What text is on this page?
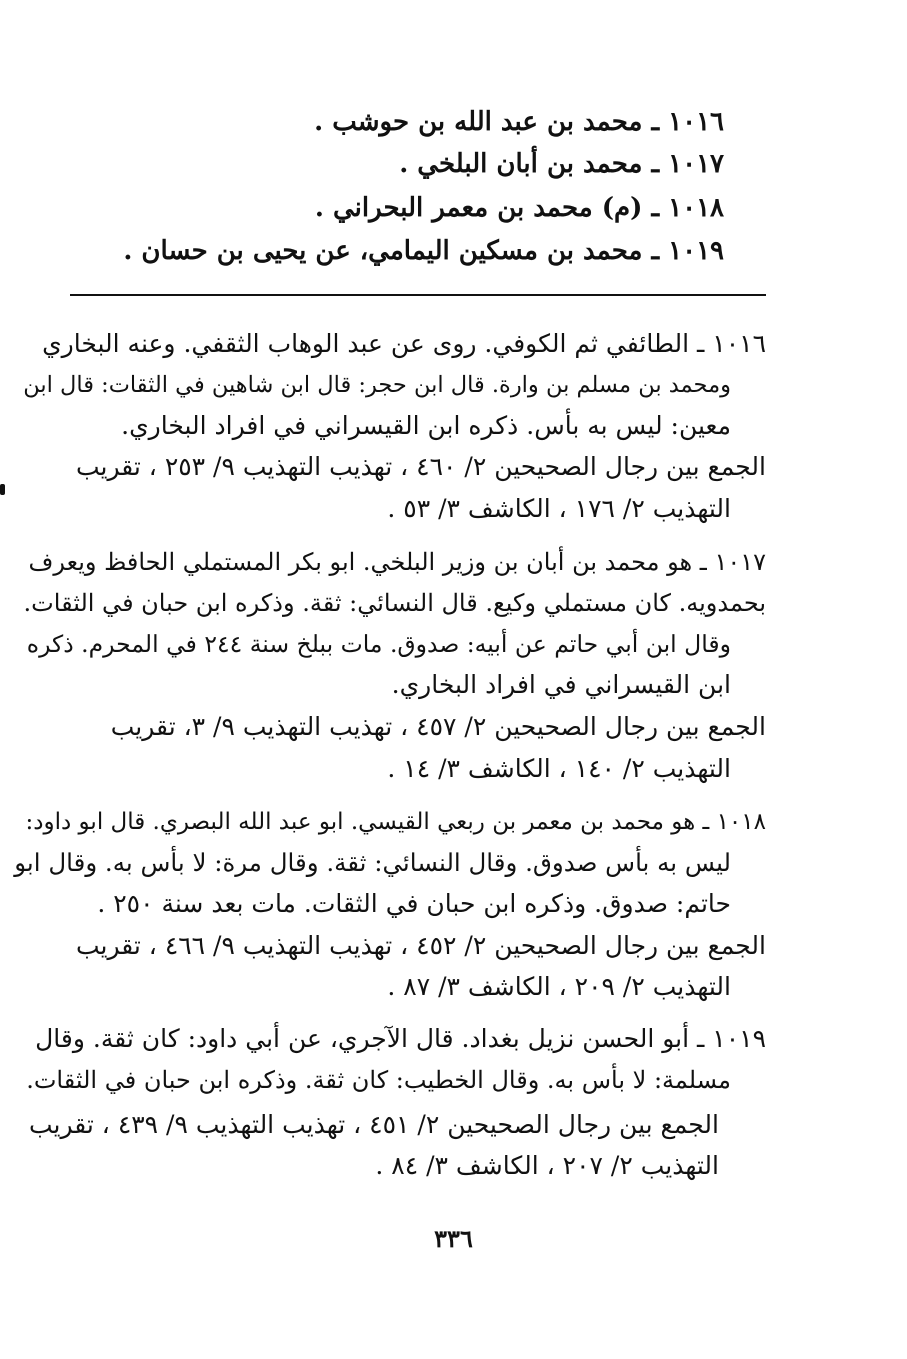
١٠١٦ ـ محمد بن عبد الله بن حوشب .
١٠١٧ ـ محمد بن أبان البلخي .
١٠١٨ ـ (م) محمد بن معمر البحراني .
١٠١٩ ـ محمد بن مسكين اليمامي، عن يحيى بن حسان .
١٠١٦ ـ الطائفي ثم الكوفي. روى عن عبد الوهاب الثقفي. وعنه البخاري
ومحمد بن مسلم بن وارة. قال ابن حجر: قال ابن شاهين في الثقات: قال ابن
معين: ليس به بأس. ذكره ابن القيسراني في افراد البخاري.
الجمع بين رجال الصحيحين ٢/ ٤٦٠ ، تهذيب التهذيب ٩/ ٢٥٣ ، تقريب
التهذيب ٢/ ١٧٦ ، الكاشف ٣/ ٥٣ .
١٠١٧ ـ هو محمد بن أبان بن وزير البلخي. ابو بكر المستملي الحافظ ويعرف
بحمدويه. كان مستملي وكيع. قال النسائي: ثقة. وذكره ابن حبان في الثقات.
وقال ابن أبي حاتم عن أبيه: صدوق. مات ببلخ سنة ٢٤٤ في المحرم. ذكره
ابن القيسراني في افراد البخاري.
الجمع بين رجال الصحيحين ٢/ ٤٥٧ ، تهذيب التهذيب ٩/ ٣، تقريب
التهذيب ٢/ ١٤٠ ، الكاشف ٣/ ١٤ .
١٠١٨ ـ هو محمد بن معمر بن ربعي القيسي. ابو عبد الله البصري. قال ابو داود:
ليس به بأس صدوق. وقال النسائي: ثقة. وقال مرة: لا بأس به. وقال ابو
حاتم: صدوق. وذكره ابن حبان في الثقات. مات بعد سنة ٢٥٠ .
الجمع بين رجال الصحيحين ٢/ ٤٥٢ ، تهذيب التهذيب ٩/ ٤٦٦ ، تقريب
التهذيب ٢/ ٢٠٩ ، الكاشف ٣/ ٨٧ .
١٠١٩ ـ أبو الحسن نزيل بغداد. قال الآجري، عن أبي داود: كان ثقة. وقال
مسلمة: لا بأس به. وقال الخطيب: كان ثقة. وذكره ابن حبان في الثقات.
الجمع بين رجال الصحيحين ٢/ ٤٥١ ، تهذيب التهذيب ٩/ ٤٣٩ ، تقريب
التهذيب ٢/ ٢٠٧ ، الكاشف ٣/ ٨٤ .
٣٣٦
